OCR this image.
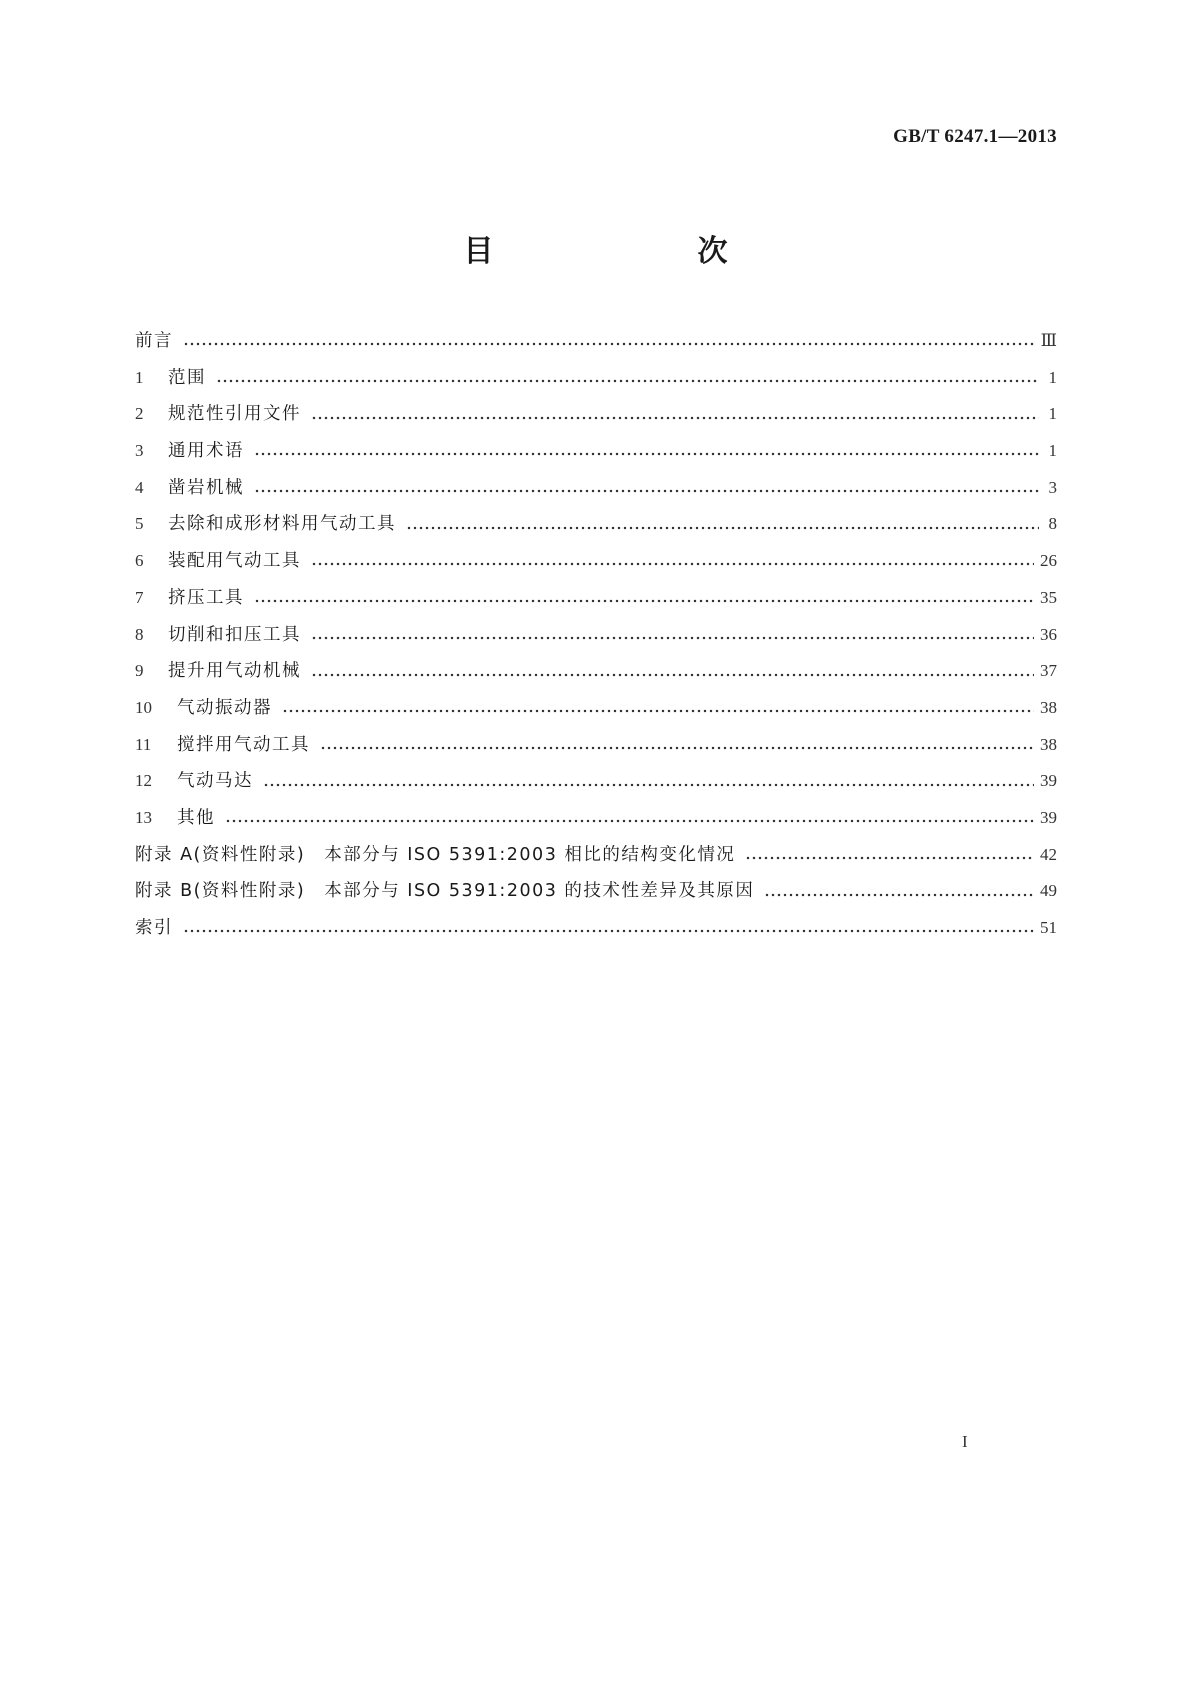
GB/T 6247.1—2013
目　　次
前言	Ⅲ
1	范围	1
2	规范性引用文件	1
3	通用术语	1
4	凿岩机械	3
5	去除和成形材料用气动工具	8
6	装配用气动工具	26
7	挤压工具	35
8	切削和扣压工具	36
9	提升用气动机械	37
10	气动振动器	38
11	搅拌用气动工具	38
12	气动马达	39
13	其他	39
附录 A(资料性附录)　本部分与 ISO 5391:2003 相比的结构变化情况	42
附录 B(资料性附录)　本部分与 ISO 5391:2003 的技术性差异及其原因	49
索引	51
I
